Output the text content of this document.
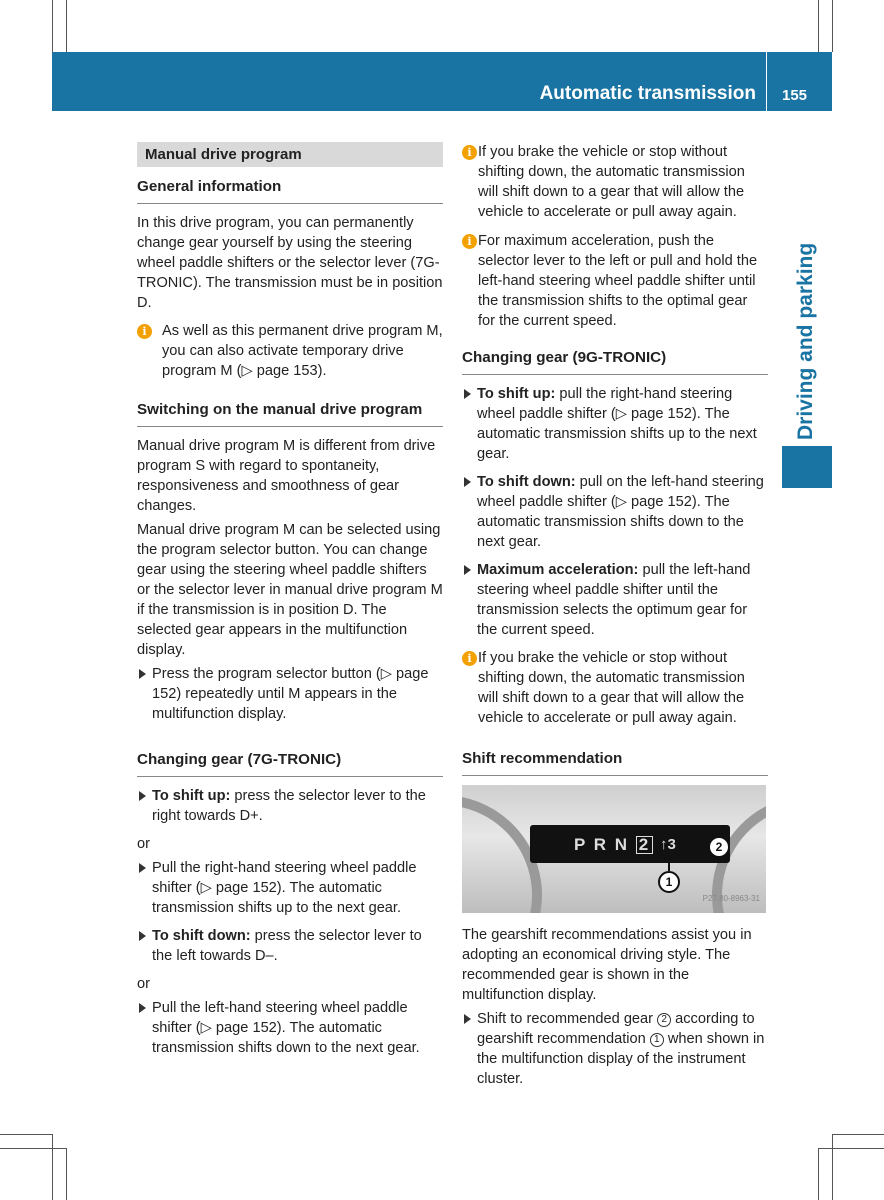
Automatic transmission 155
Driving and parking
Manual drive program
General information

In this drive program, you can permanently change gear yourself by using the steering wheel paddle shifters or the selector lever (7G-TRONIC). The transmission must be in position D.

i	As well as this permanent drive program M, you can also activate temporary drive program M (▷ page 153).
Switching on the manual drive program

Manual drive program M is different from drive program S with regard to spontaneity, responsiveness and smoothness of gear changes.

Manual drive program M can be selected using the program selector button. You can change gear using the steering wheel paddle shifters or the selector lever in manual drive program M if the transmission is in position D. The selected gear appears in the multifunction display.

Press the program selector button (▷ page 152) repeatedly until M appears in the multifunction display.
Changing gear (7G-TRONIC)
To shift up: press the selector lever to the right towards D+.

or

Pull the right-hand steering wheel paddle shifter (▷ page 152). The automatic transmission shifts up to the next gear.
To shift down: press the selector lever to the left towards D–.

or

Pull the left-hand steering wheel paddle shifter (▷ page 152). The automatic transmission shifts down to the next gear.
i If you brake the vehicle or stop without shifting down, the automatic transmission will shift down to a gear that will allow the vehicle to accelerate or pull away again.
i For maximum acceleration, push the selector lever to the left or pull and hold the left-hand steering wheel paddle shifter until the transmission shifts to the optimal gear for the current speed.
Changing gear (9G-TRONIC)
To shift up: pull the right-hand steering wheel paddle shifter (▷ page 152). The automatic transmission shifts up to the next gear.
To shift down: pull on the left-hand steering wheel paddle shifter (▷ page 152). The automatic transmission shifts down to the next gear.
Maximum acceleration: pull the left-hand steering wheel paddle shifter until the transmission selects the optimum gear for the current speed.
i If you brake the vehicle or stop without shifting down, the automatic transmission will shift down to a gear that will allow the vehicle to accelerate or pull away again.
Shift recommendation
P R N 2 ↑3	2
1
P27.80-8963-31

The gearshift recommendations assist you in adopting an economical driving style. The recommended gear is shown in the multifunction display.

Shift to recommended gear 2 according to gearshift recommendation 1 when shown in the multifunction display of the instrument cluster.
